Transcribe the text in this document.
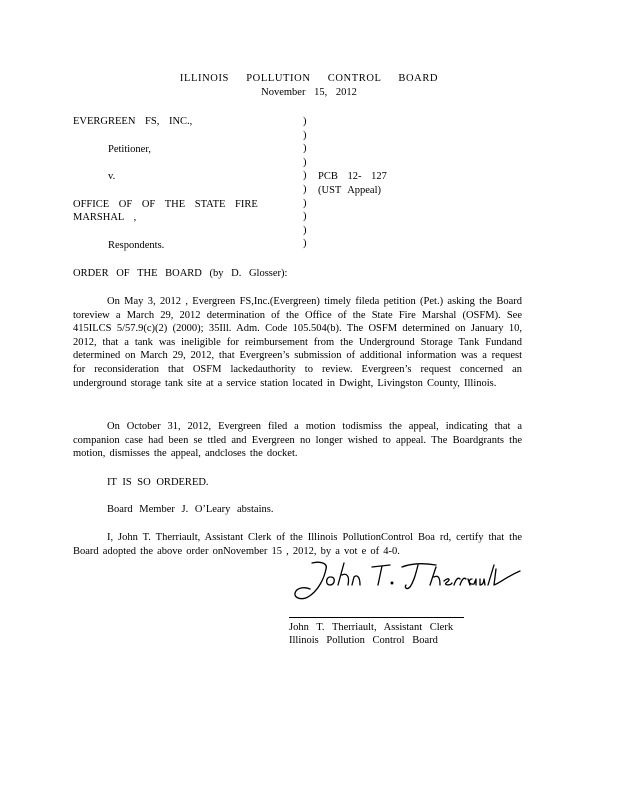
ILLINOIS POLLUTION CONTROL BOARD
November 15, 2012
EVERGREEN FS, INC.,
Petitioner,
v.
OFFICE OF OF THE STATE FIRE
MARSHAL ,
Respondents.
)
)
)
)
)
)
)
)
)
)
PCB 12- 127
(UST Appeal)
ORDER OF THE BOARD (by D. Glosser):
On May 3, 2012 , Evergreen FS,Inc.(Evergreen) timely fileda petition (Pet.) asking the Board toreview a March 29, 2012 determination of the Office of the State Fire Marshal (OSFM). See 415ILCS 5/57.9(c)(2) (2000); 35Ill. Adm. Code 105.504(b). The OSFM determined on January 10, 2012, that a tank was ineligible for reimbursement from the Underground Storage Tank Fundand determined on March 29, 2012, that Evergreen’s submission of additional information was a request for reconsideration that OSFM lackedauthority to review. Evergreen’s request concerned an underground storage tank site at a service station located in Dwight, Livingston County, Illinois.
On October 31, 2012, Evergreen filed a motion todismiss the appeal, indicating that a companion case had been se ttled and Evergreen no longer wished to appeal. The Boardgrants the motion, dismisses the appeal, andcloses the docket.
IT IS SO ORDERED.
Board Member J. O’Leary abstains.
I, John T. Therriault, Assistant Clerk of the Illinois PollutionControl Boa rd, certify that the Board adopted the above order onNovember 15 , 2012, by a vot e of 4-0.
John T. Therriault, Assistant Clerk
Illinois Pollution Control Board
